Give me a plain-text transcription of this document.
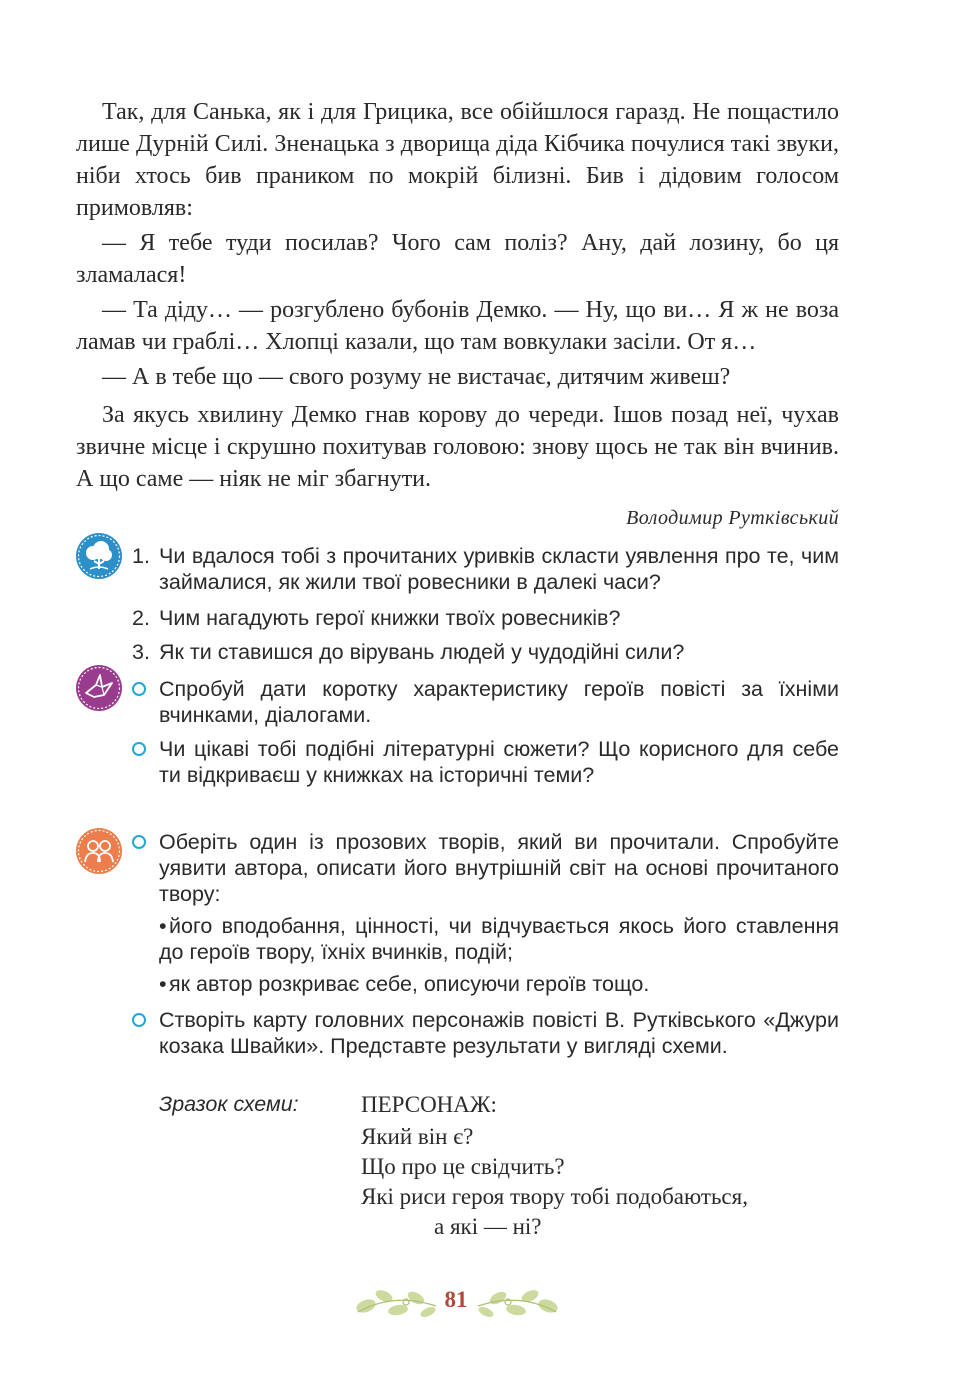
Так, для Санька, як і для Грицика, все обійшлося гаразд. Не пощастило лише Дурній Силі. Зненацька з дворища діда Кібчика почулися такі звуки, ніби хтось бив праником по мокрій білизні. Бив і дідовим голосом примовляв:

— Я тебе туди посилав? Чого сам поліз? Ану, дай лозину, бо ця зламалася!

— Та діду… — розгублено бубонів Демко. — Ну, що ви… Я ж не воза ламав чи граблі… Хлопці казали, що там вовкулаки засіли. От я…

— А в тебе що — свого розуму не вистачає, дитячим живеш?

За якусь хвилину Демко гнав корову до череди. Ішов позад неї, чухав звичне місце і скрушно похитував головою: знову щось не так він вчинив. А що саме — ніяк не міг збагнути.

Володимир Рутківський
1. Чи вдалося тобі з прочитаних уривків скласти уявлення про те, чим займалися, як жили твої ровесники в далекі часи?
2. Чим нагадують герої книжки твоїх ровесників?
3. Як ти ставишся до вірувань людей у чудодійні сили?
Спробуй дати коротку характеристику героїв повісті за їхніми вчинками, діалогами.
Чи цікаві тобі подібні літературні сюжети? Що корисного для себе ти відкриваєш у книжках на історичні теми?
Оберіть один із прозових творів, який ви прочитали. Спробуйте уявити автора, описати його внутрішній світ на основі прочитаного твору:
• його вподобання, цінності, чи відчувається якось його ставлення до героїв твору, їхніх вчинків, подій;
• як автор розкриває себе, описуючи героїв тощо.
Створіть карту головних персонажів повісті В. Рутківського «Джури козака Швайки». Представте результати у вигляді схеми.
Зразок схеми:	ПЕРСОНАЖ:
Який він є?
Що про це свідчить?
Які риси героя твору тобі подобаються,
а які — ні?
81
